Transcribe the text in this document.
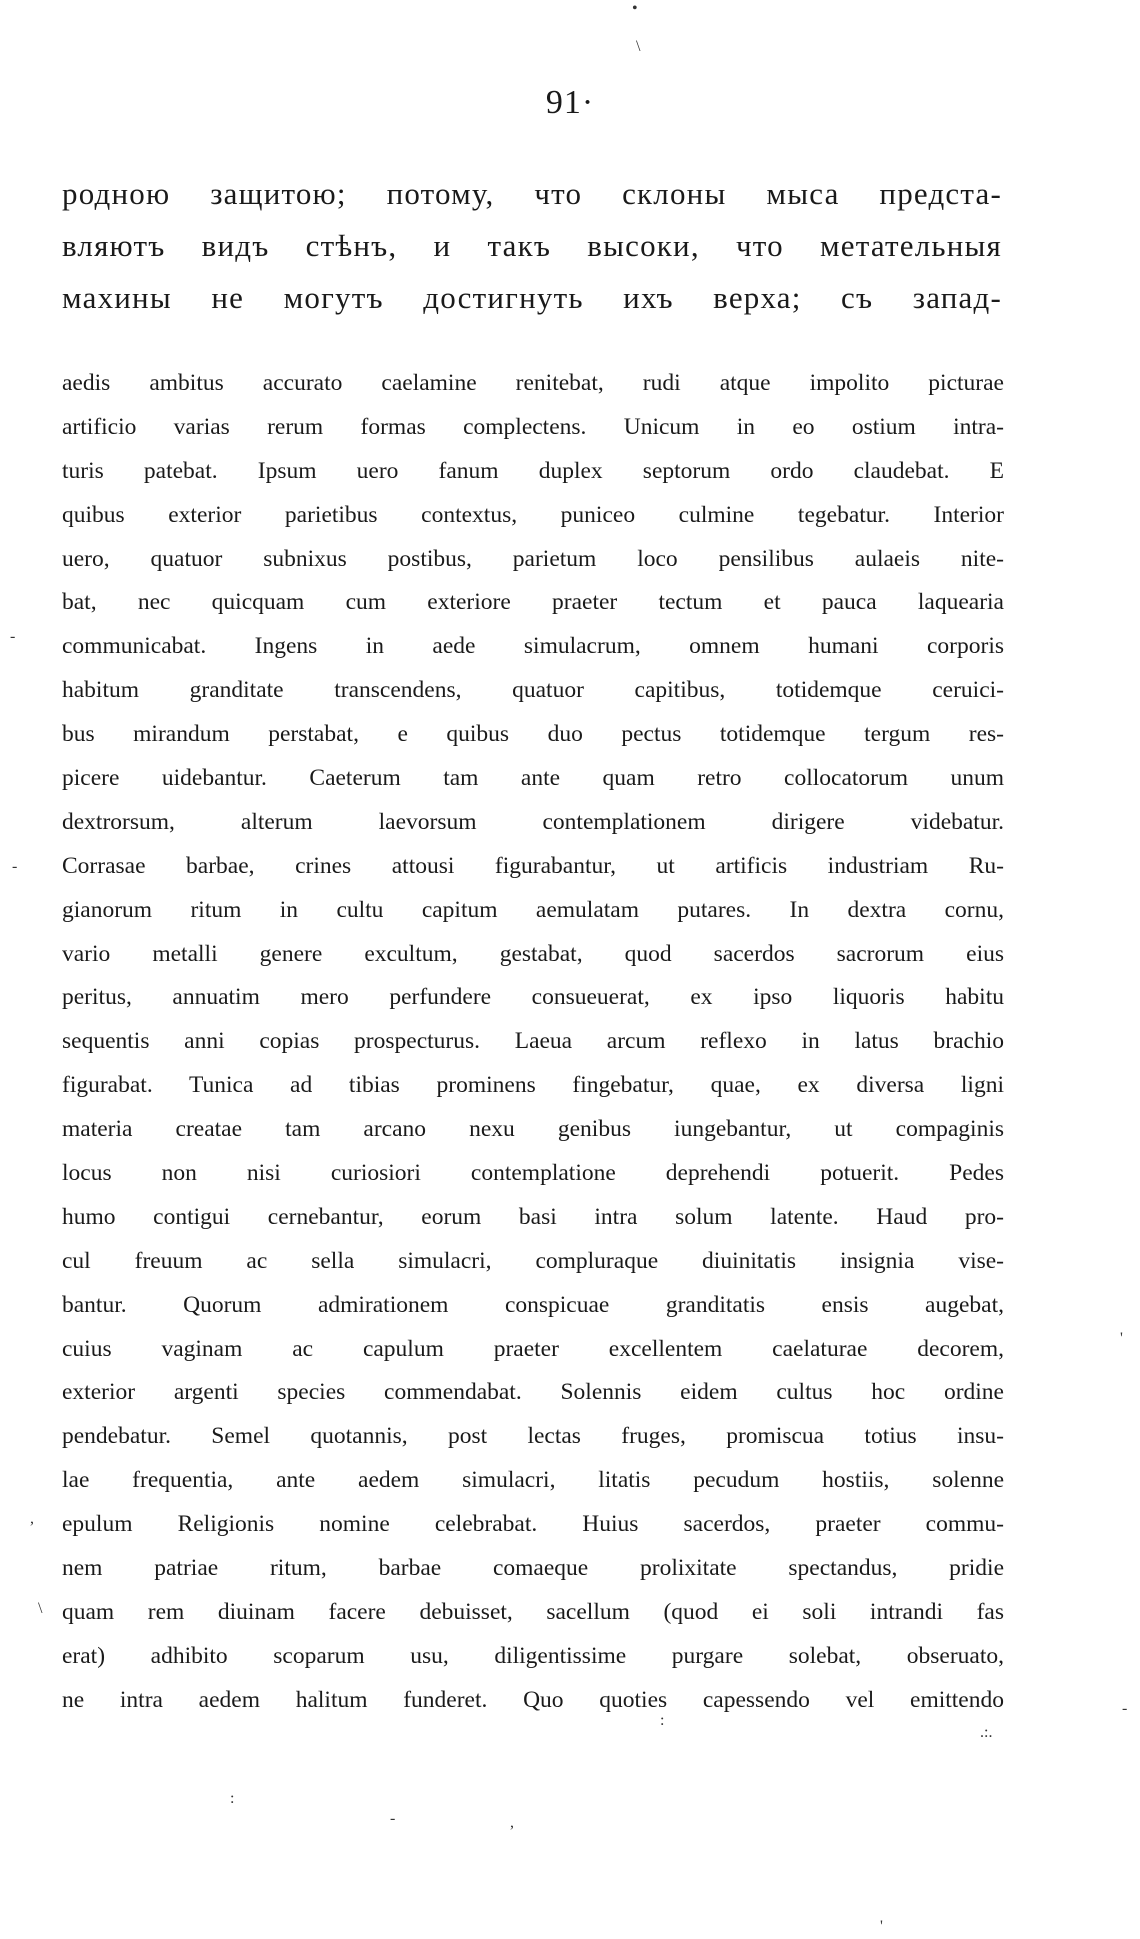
91·
родною защитою; потому, что склоны мыса предста-
вляютъ видъ стѣнъ, и такъ высоки, что метательныя
махины не могутъ достигнуть ихъ верха; съ запад-
aedis ambitus accurato caelamine renitebat, rudi atque impolito picturae
artificio varias rerum formas complectens. Unicum in eo ostium intra-
turis patebat. Ipsum uero fanum duplex septorum ordo claudebat. E
quibus exterior parietibus contextus, puniceo culmine tegebatur. Interior
uero, quatuor subnixus postibus, parietum loco pensilibus aulaeis nite-
bat, nec quicquam cum exteriore praeter tectum et pauca laquearia
communicabat. Ingens in aede simulacrum, omnem humani corporis
habitum granditate transcendens, quatuor capitibus, totidemque ceruici-
bus mirandum perstabat, e quibus duo pectus totidemque tergum res-
picere uidebantur. Caeterum tam ante quam retro collocatorum unum
dextrorsum, alterum laevorsum contemplationem dirigere videbatur.
Corrasae barbae, crines attousi figurabantur, ut artificis industriam Ru-
gianorum ritum in cultu capitum aemulatam putares. In dextra cornu,
vario metalli genere excultum, gestabat, quod sacerdos sacrorum eius
peritus, annuatim mero perfundere consueuerat, ex ipso liquoris habitu
sequentis anni copias prospecturus. Laeua arcum reflexo in latus brachio
figurabat. Tunica ad tibias prominens fingebatur, quae, ex diversa ligni
materia creatae tam arcano nexu genibus iungebantur, ut compaginis
locus non nisi curiosiori contemplatione deprehendi potuerit. Pedes
humo contigui cernebantur, eorum basi intra solum latente. Haud pro-
cul freuum ac sella simulacri, compluraque diuinitatis insignia vise-
bantur. Quorum admirationem conspicuae granditatis ensis augebat,
cuius vaginam ac capulum praeter excellentem caelaturae decorem,
exterior argenti species commendabat. Solennis eidem cultus hoc ordine
pendebatur. Semel quotannis, post lectas fruges, promiscua totius insu-
lae frequentia, ante aedem simulacri, litatis pecudum hostiis, solenne
epulum Religionis nomine celebrabat. Huius sacerdos, praeter commu-
nem patriae ritum, barbae comaeque prolixitate spectandus, pridie
quam rem diuinam facere debuisset, sacellum (quod ei soli intrandi fas
erat) adhibito scoparum usu, diligentissime purgare solebat, obseruato,
ne intra aedem halitum funderet. Quo quoties capessendo vel emittendo
•
\
-
-
'
,
\
-
:
.:.
:
-	,
'
